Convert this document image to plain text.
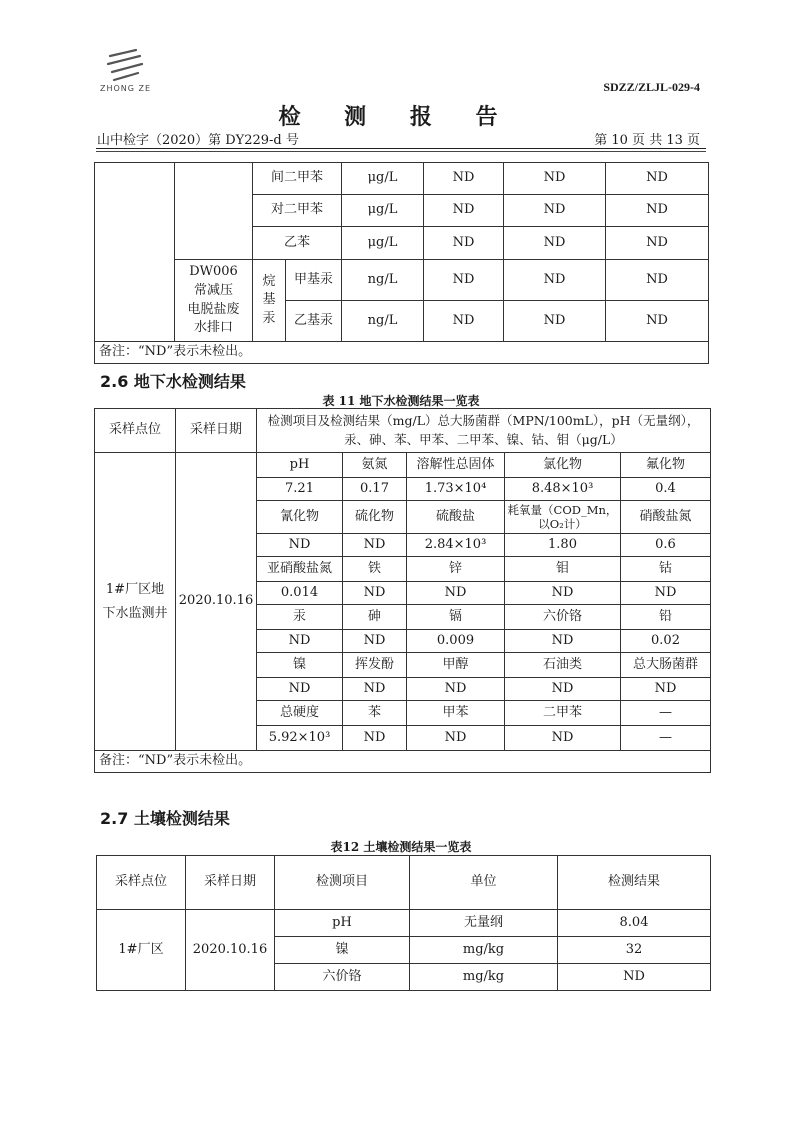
ZHONG ZE	SDZZ/ZLJL-029-4
检 测 报 告
山中检字（2020）第 DY229-d 号	第 10 页 共 13 页
		间二甲苯		μg/L	ND	ND	ND
		对二甲苯		μg/L	ND	ND	ND
		乙苯		μg/L	ND	ND	ND
	DW006
常减压
电脱盐废
水排口	烷基汞	甲基汞	ng/L	ND	ND	ND
			乙基汞	ng/L	ND	ND	ND
备注：“ND”表示未检出。							
2.6 地下水检测结果
表 11 地下水检测结果一览表
采样点位	采样日期	检测项目及检测结果（mg/L）总大肠菌群（MPN/100mL），pH（无量纲），汞、砷、苯、甲苯、二甲苯、镍、钴、钼（μg/L）				
1#厂区地下水监测井	2020.10.16	pH	氨氮	溶解性总固体	氯化物	氟化物
		7.21	0.17	1.73×10⁴	8.48×10³	0.4
		氰化物	硫化物	硫酸盐	耗氧量（COD_Mn，以O₂计）	硝酸盐氮
		ND	ND	2.84×10³	1.80	0.6
		亚硝酸盐氮	铁	锌	钼	钴
		0.014	ND	ND	ND	ND
		汞	砷	镉	六价铬	铅
		ND	ND	0.009	ND	0.02
		镍	挥发酚	甲醇	石油类	总大肠菌群
		ND	ND	ND	ND	ND
		总硬度	苯	甲苯	二甲苯	—
		5.92×10³	ND	ND	ND	—
备注：“ND”表示未检出。						
2.7 土壤检测结果
表12 土壤检测结果一览表
采样点位	采样日期	检测项目	单位	检测结果
1#厂区	2020.10.16	pH	无量纲	8.04
		镍	mg/kg	32
		六价铬	mg/kg	ND
